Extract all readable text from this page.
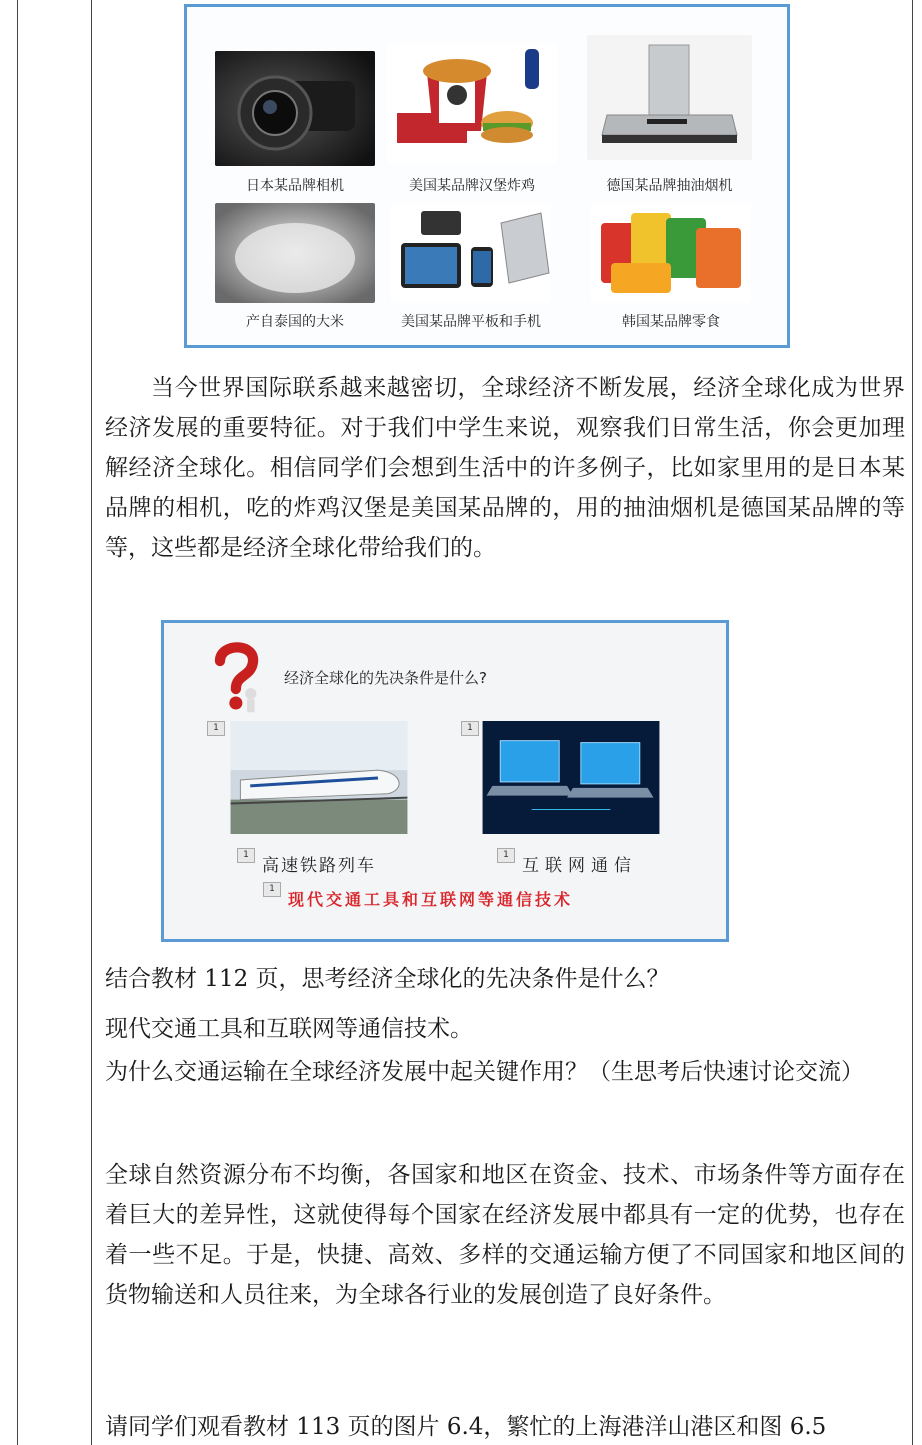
日本某品牌相机	美国某品牌汉堡炸鸡	德国某品牌抽油烟机
产自泰国的大米	美国某品牌平板和手机	韩国某品牌零食

当今世界国际联系越来越密切，全球经济不断发展，经济全球化成为世界经济发展的重要特征。对于我们中学生来说，观察我们日常生活，你会更加理解经济全球化。相信同学们会想到生活中的许多例子，比如家里用的是日本某品牌的相机，吃的炸鸡汉堡是美国某品牌的，用的抽油烟机是德国某品牌的等等，这些都是经济全球化带给我们的。

经济全球化的先决条件是什么?
1	1
1
高速铁路列车
1
互联网通信
1
现代交通工具和互联网等通信技术
结合教材 112 页，思考经济全球化的先决条件是什么？
现代交通工具和互联网等通信技术。

为什么交通运输在全球经济发展中起关键作用？（生思考后快速讨论交流）

全球自然资源分布不均衡，各国家和地区在资金、技术、市场条件等方面存在着巨大的差异性，这就使得每个国家在经济发展中都具有一定的优势，也存在着一些不足。于是，快捷、高效、多样的交通运输方便了不同国家和地区间的货物输送和人员往来，为全球各行业的发展创造了良好条件。

请同学们观看教材 113 页的图片 6.4，繁忙的上海港洋山港区和图 6.5
